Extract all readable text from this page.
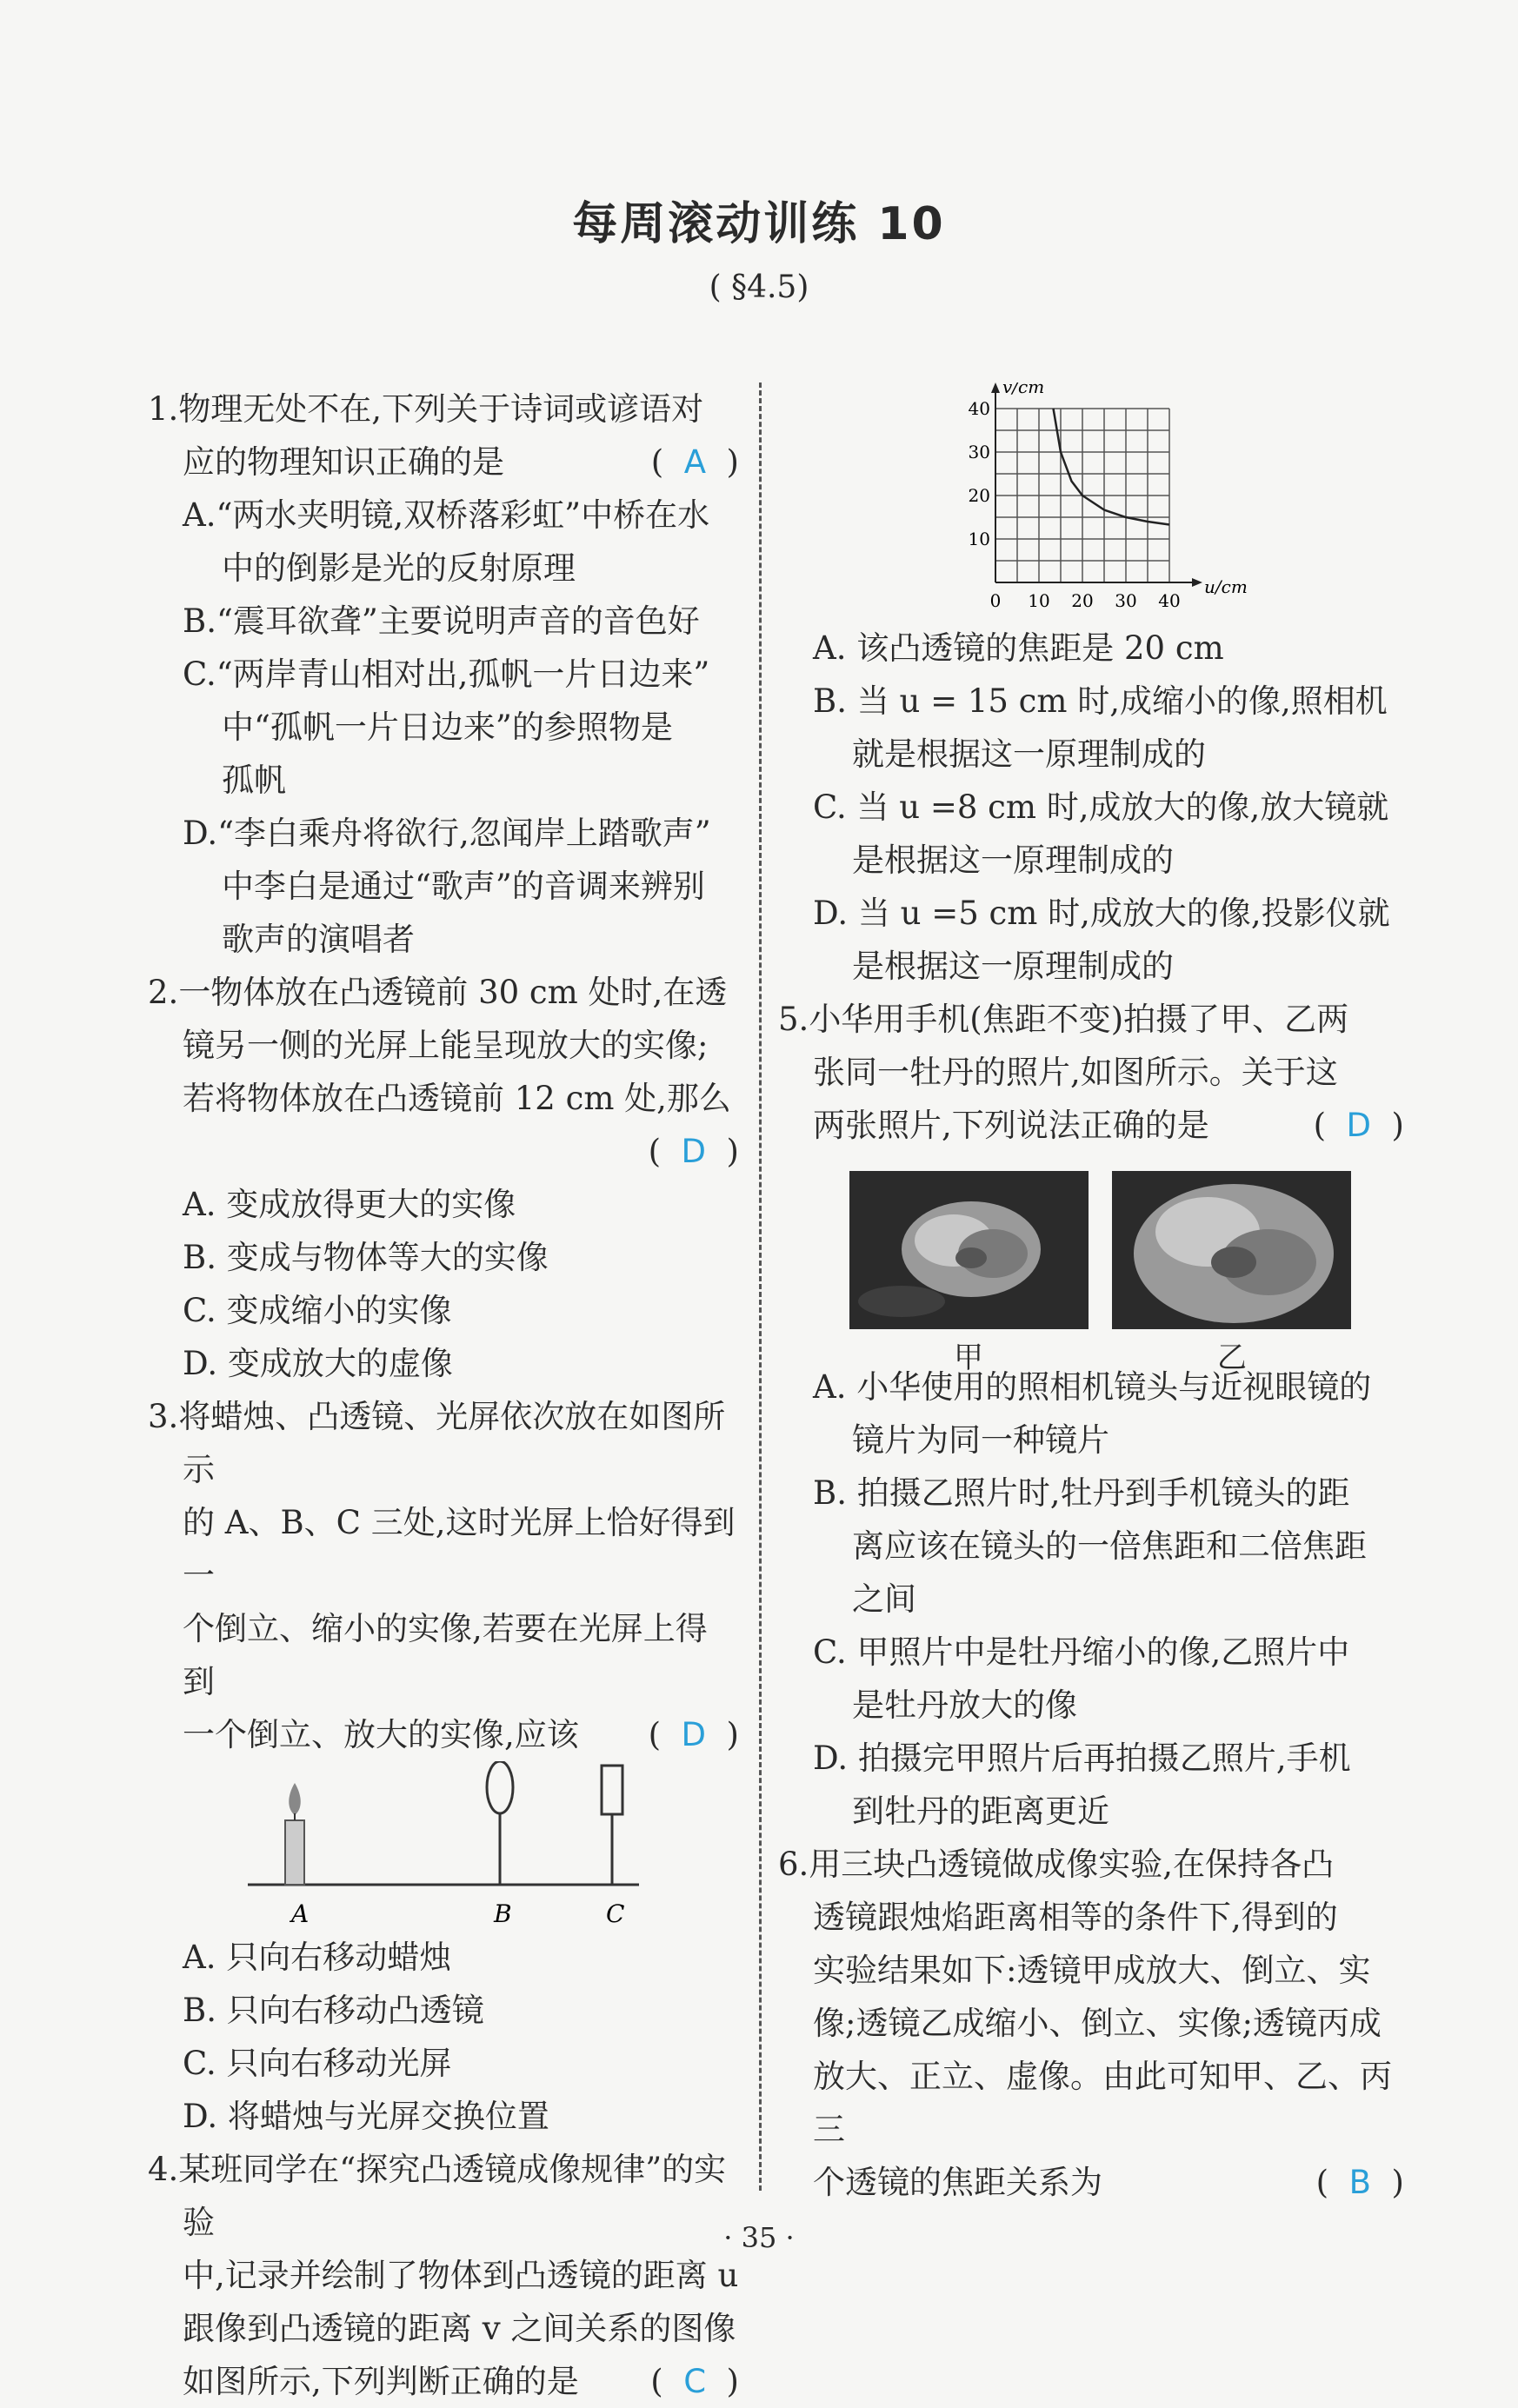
每周滚动训练 10
( §4.5)

1.物理无处不在,下列关于诗词或谚语对

应的物理知识正确的是	(  A  )

A.“两水夹明镜,双桥落彩虹”中桥在水

中的倒影是光的反射原理

B.“震耳欲聋”主要说明声音的音色好

C.“两岸青山相对出,孤帆一片日边来”

中“孤帆一片日边来”的参照物是

孤帆

D.“李白乘舟将欲行,忽闻岸上踏歌声”

中李白是通过“歌声”的音调来辨别

歌声的演唱者

2.一物体放在凸透镜前 30 cm 处时,在透

镜另一侧的光屏上能呈现放大的实像;

若将物体放在凸透镜前 12 cm 处,那么

(  D  )

A. 变成放得更大的实像

B. 变成与物体等大的实像

C. 变成缩小的实像

D. 变成放大的虚像

3.将蜡烛、凸透镜、光屏依次放在如图所示

的 A、B、C 三处,这时光屏上恰好得到一

个倒立、缩小的实像,若要在光屏上得到

一个倒立、放大的实像,应该 (  D  )

A	B	C

A. 只向右移动蜡烛

B. 只向右移动凸透镜

C. 只向右移动光屏

D. 将蜡烛与光屏交换位置

4.某班同学在“探究凸透镜成像规律”的实验

中,记录并绘制了物体到凸透镜的距离 u

跟像到凸透镜的距离 v 之间关系的图像

如图所示,下列判断正确的是 (  C  )

0 10 20 30 40
10
20
30
40
u/cm
v/cm

A. 该凸透镜的焦距是 20 cm

B. 当 u = 15 cm 时,成缩小的像,照相机

就是根据这一原理制成的

C. 当 u =8 cm 时,成放大的像,放大镜就

是根据这一原理制成的

D. 当 u =5 cm 时,成放大的像,投影仪就

是根据这一原理制成的

5.小华用手机(焦距不变)拍摄了甲、乙两

张同一牡丹的照片,如图所示。关于这

两张照片,下列说法正确的是	(  D  )

甲	乙

A. 小华使用的照相机镜头与近视眼镜的

镜片为同一种镜片

B. 拍摄乙照片时,牡丹到手机镜头的距

离应该在镜头的一倍焦距和二倍焦距

之间

C. 甲照片中是牡丹缩小的像,乙照片中

是牡丹放大的像

D. 拍摄完甲照片后再拍摄乙照片,手机

到牡丹的距离更近

6.用三块凸透镜做成像实验,在保持各凸

透镜跟烛焰距离相等的条件下,得到的

实验结果如下:透镜甲成放大、倒立、实

像;透镜乙成缩小、倒立、实像;透镜丙成

放大、正立、虚像。由此可知甲、乙、丙三

个透镜的焦距关系为	(  B  )

· 35 ·
